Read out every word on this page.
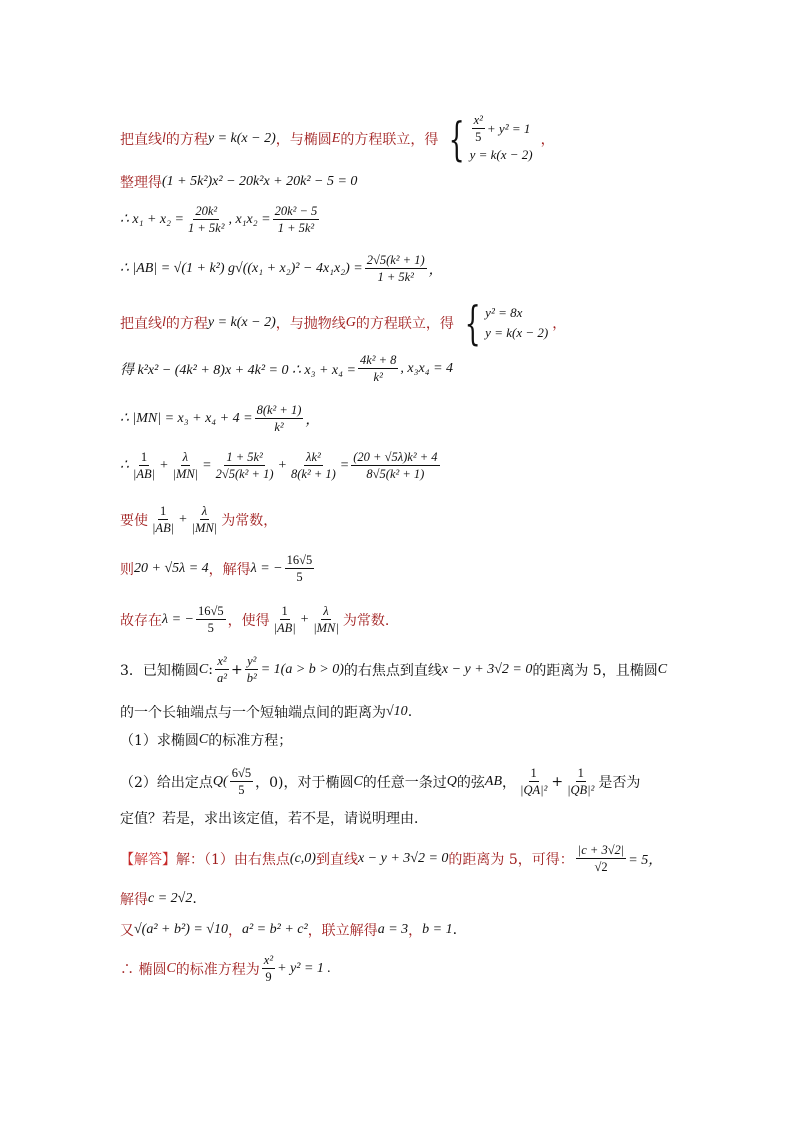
把直线 l 的方程 y = k(x − 2) ，与椭圆 E 的方程联立，得 { $\frac{\text{x²}}{5} + y^2 = 1$
y = k(x − 2)
，
整理得 (1 + 5k²)x² − 20k²x + 20k² − 5 = 0
∴ $x_1 + x_2 = \frac{\text{20k²}}{\text{1 + 5k²}}$ , $x_1x_2 = \frac{\text{20k² − 5}}{\text{1 + 5k²}}$
∴ |AB| = √(1 + k²) $g√((x_1 + x_2)^2 - 4x_1x_2) = \frac{\text{2√5(k² + 1)}}{\text{1 + 5k²}}$ ，
把直线 l 的方程 y = k(x − 2) ，与抛物线 G 的方程联立，得 { y² = 8x
y = k(x − 2)
，
得 k²x² − (4k² + 8)x + 4k² = 0 ∴ $x_3 + x_4 = \frac{\text{4k² + 8}}{\text{k²}}$ , x₃x₄ = 4
∴ $|MN| = x_3 + x_4 + 4 = \frac{\text{8(k² + 1)}}{\text{k²}}$ ，
∴ $\frac{1}{|AB|} + \frac{\lambda}{|MN|} = \frac{\text{1 + 5k²}}{\text{2√5(k² + 1)}} + \frac{\text{λk²}}{\text{8(k² + 1)}} = \frac{\text{(20 + √5λ)k² + 4}}{\text{8√5(k² + 1)}}$
要使 $\frac{1}{|AB|} + \frac{\lambda}{|MN|}$ 为常数，
则 20 + √5λ = 4 ，解得 λ = − $\frac{16√5}{5}$
故存在 λ = − $\frac{16√5}{5}$ ，使得 $\frac{1}{|AB|} + \frac{\lambda}{|MN|}$ 为常数.
3．已知椭圆 C : $\frac{\text{x²}}{\text{a²}} + \frac{\text{y²}}{\text{b²}} = 1(a > b > 0)$ 的右焦点到直线 x − y + 3√2 = 0 的距离为 5，且椭圆 C
的一个长轴端点与一个短轴端点间的距离为 √10 .
（1）求椭圆 C 的标准方程；
（2）给出定点 $Q( \frac{6√5}{5}$ ，0)，对于椭圆 C 的任意一条过 Q 的弦 AB ， $\frac{1}{\text{|QA|²}} + \frac{1}{\text{|QB|²}}$ 是否为
定值？若是，求出该定值，若不是，请说明理由．
【解答】 解：（1）由右焦点 (c,0) 到直线 x − y + 3√2 = 0 的距离为 5，可得： $\frac{|c + 3√2|}{√2} = 5$，
解得 c = 2√2 .
又 √(a² + b²) = √10 ， a² = b² + c² ，联立解得 a = 3 ， b = 1 .
∴ 椭圆 C 的标准方程为 $\frac{\text{x²}}{9} + y^2 = 1$ .
